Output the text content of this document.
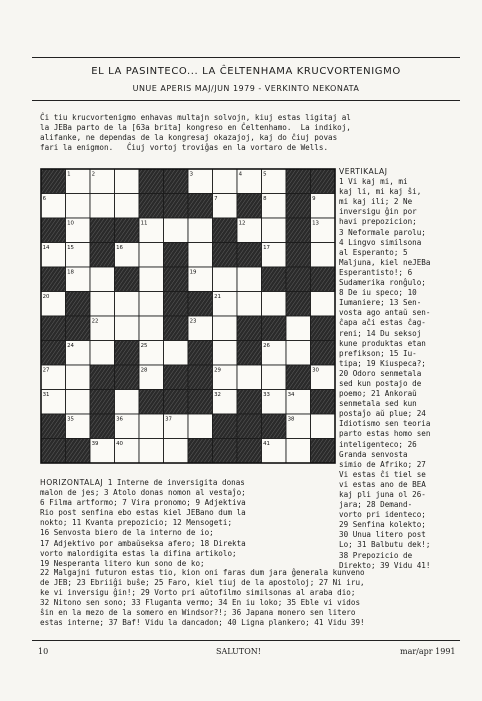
EL LA PASINTECO... LA ĈELTENHAMA KRUCVORTENIGMO
UNUE APERIS MAJ/JUN 1979 - VERKINTO NEKONATA
Ĉi tiu krucvortenigmo enhavas multajn solvojn, kiuj estas ligitaj al
la JEBa parto de la [63a brita] kongreso en Ĉeltenhamo.  La indikoj,
alifanke, ne dependas de la kongresaj okazajoj, kaj do ĉiuj povas
fari la enigmon.   Ĉiuj vortoj troviĝas en la vortaro de Wells.
1	2	3	4	5
6	7	8	9
10	11	12	13
14	15	16	17
18	19
20	21
22	23
24	25	26
27	28	29	30
31	32	33	34
35	36	37	38
39	40	41
VERTIKALAJ
1 Vi kaj mi, mi
kaj li, mi kaj ŝi,
mi kaj ili; 2 Ne
inversigu ĝin por
havi prepozicion;
3 Neformale parolu;
4 Lingvo similsona
al Esperanto; 5
Maljuna, kiel neJEBa
Esperantisto!; 6
Sudamerika ronĝulo;
8 De iu speco; 10
Iumaniere; 13 Sen-
vosta ago antaŭ sen-
ĉapa aĉi estas ĉag-
reni; 14 Du seksoj
kune produktas etan
prefikson; 15 Iu-
tipa; 19 Kiuspeca?;
20 Odoro senmetala
sed kun postajo de
poemo; 21 Ankoraŭ
senmetala sed kun
postaĵo aŭ plue; 24
Idiotismo sen teoria
parto estas homo sen
inteligenteco; 26
Granda senvosta
simio de Afriko; 27
Vi estas ĉi tiel se
vi estas ano de BEA
kaj pli juna ol 26-
jara; 28 Demand-
vorto pri identeco;
29 Senfina kolekto;
30 Unua litero post
Lo; 31 Balbutu dek!;
38 Prepozicio de
Direkto; 39 Vidu 41!
HORIZONTALAJ 1 Interne de inversigita donas
malon de jes; 3 Atolo donas nomon al vestaĵo;
6 Filma artformo; 7 Vira pronomo; 9 Adjektiva
Rio post senfina ebo estas kiel JEBano dum la
nokto; 11 Kvanta prepozicio; 12 Mensogeti;
16 Senvosta biero de la interno de io;
17 Adjektivo por ambaŭseksa afero; 18 Direkta
vorto malordigita estas la difina artikolo;
19 Nesperanta litero kun sono de ko;
22 Malgajni futuron estas tio, kion oni faras dum jara ĝenerala kunveno
de JEB; 23 Ebriiĝi buŝe; 25 Faro, kiel tiuj de la apostoloj; 27 Ni iru,
ke vi inversigu ĝin!; 29 Vorto pri aŭtofilmo similsonas al araba dio;
32 Nitono sen sono; 33 Fluganta vermo; 34 En iu loko; 35 Eble vi vidos
ŝin en la mezo de la somero en Windsor?!; 36 Japana monero sen litero
estas interne; 37 Baf! Vidu la dancadon; 40 Ligna plankero; 41 Vidu 39!
10	SALUTON!	mar/apr 1991
